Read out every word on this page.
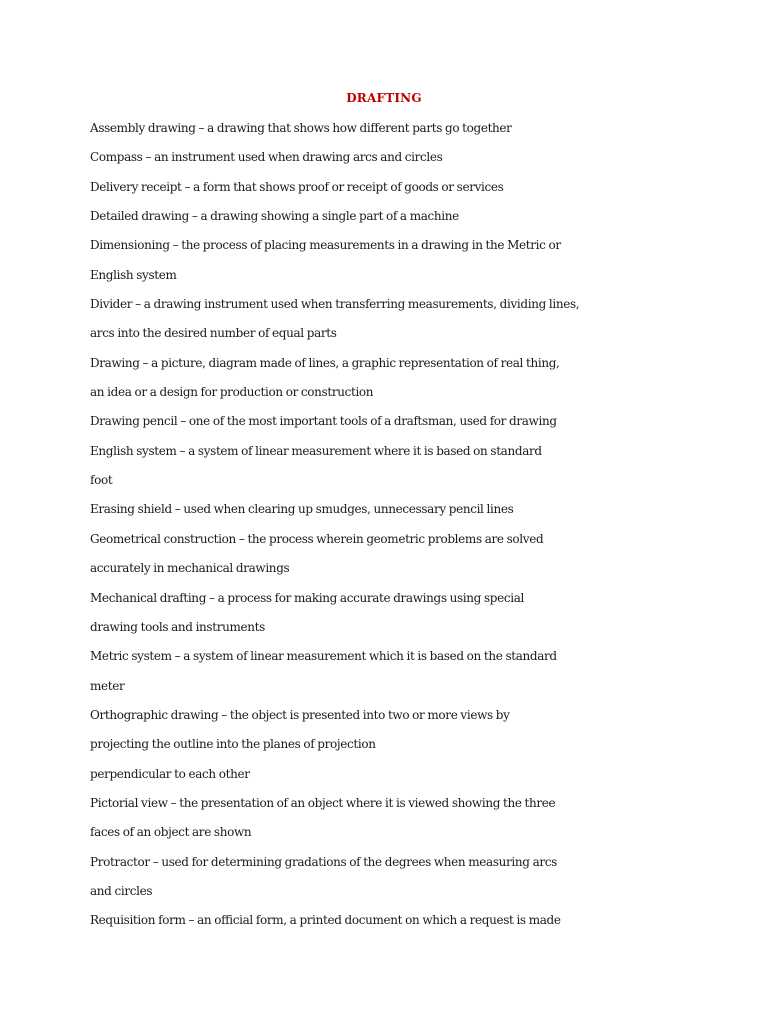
DRAFTING
Assembly drawing – a drawing that shows how different parts go together
Compass – an instrument used when drawing arcs and circles
Delivery receipt – a form that shows proof or receipt of goods or services
Detailed drawing – a drawing showing a single part of a machine
Dimensioning – the process of placing measurements in a drawing in the Metric or
English system
Divider – a drawing instrument used when transferring measurements, dividing lines,
arcs into the desired number of equal parts
Drawing – a picture, diagram made of lines, a graphic representation of real thing,
an idea or a design for production or construction
Drawing pencil – one of the most important tools of a draftsman, used for drawing
English system – a system of linear measurement where it is based on standard
foot
Erasing shield – used when clearing up smudges, unnecessary pencil lines
Geometrical construction – the process wherein geometric problems are solved
accurately in mechanical drawings
Mechanical drafting – a process for making accurate drawings using special
drawing tools and instruments
Metric system – a system of linear measurement which it is based on the standard
meter
Orthographic drawing – the object is presented into two or more views by
projecting the outline into the planes of projection
perpendicular to each other
Pictorial view – the presentation of an object where it is viewed showing the three
faces of an object are shown
Protractor – used for determining gradations of the degrees when measuring arcs
and circles
Requisition form – an official form, a printed document on which a request is made
